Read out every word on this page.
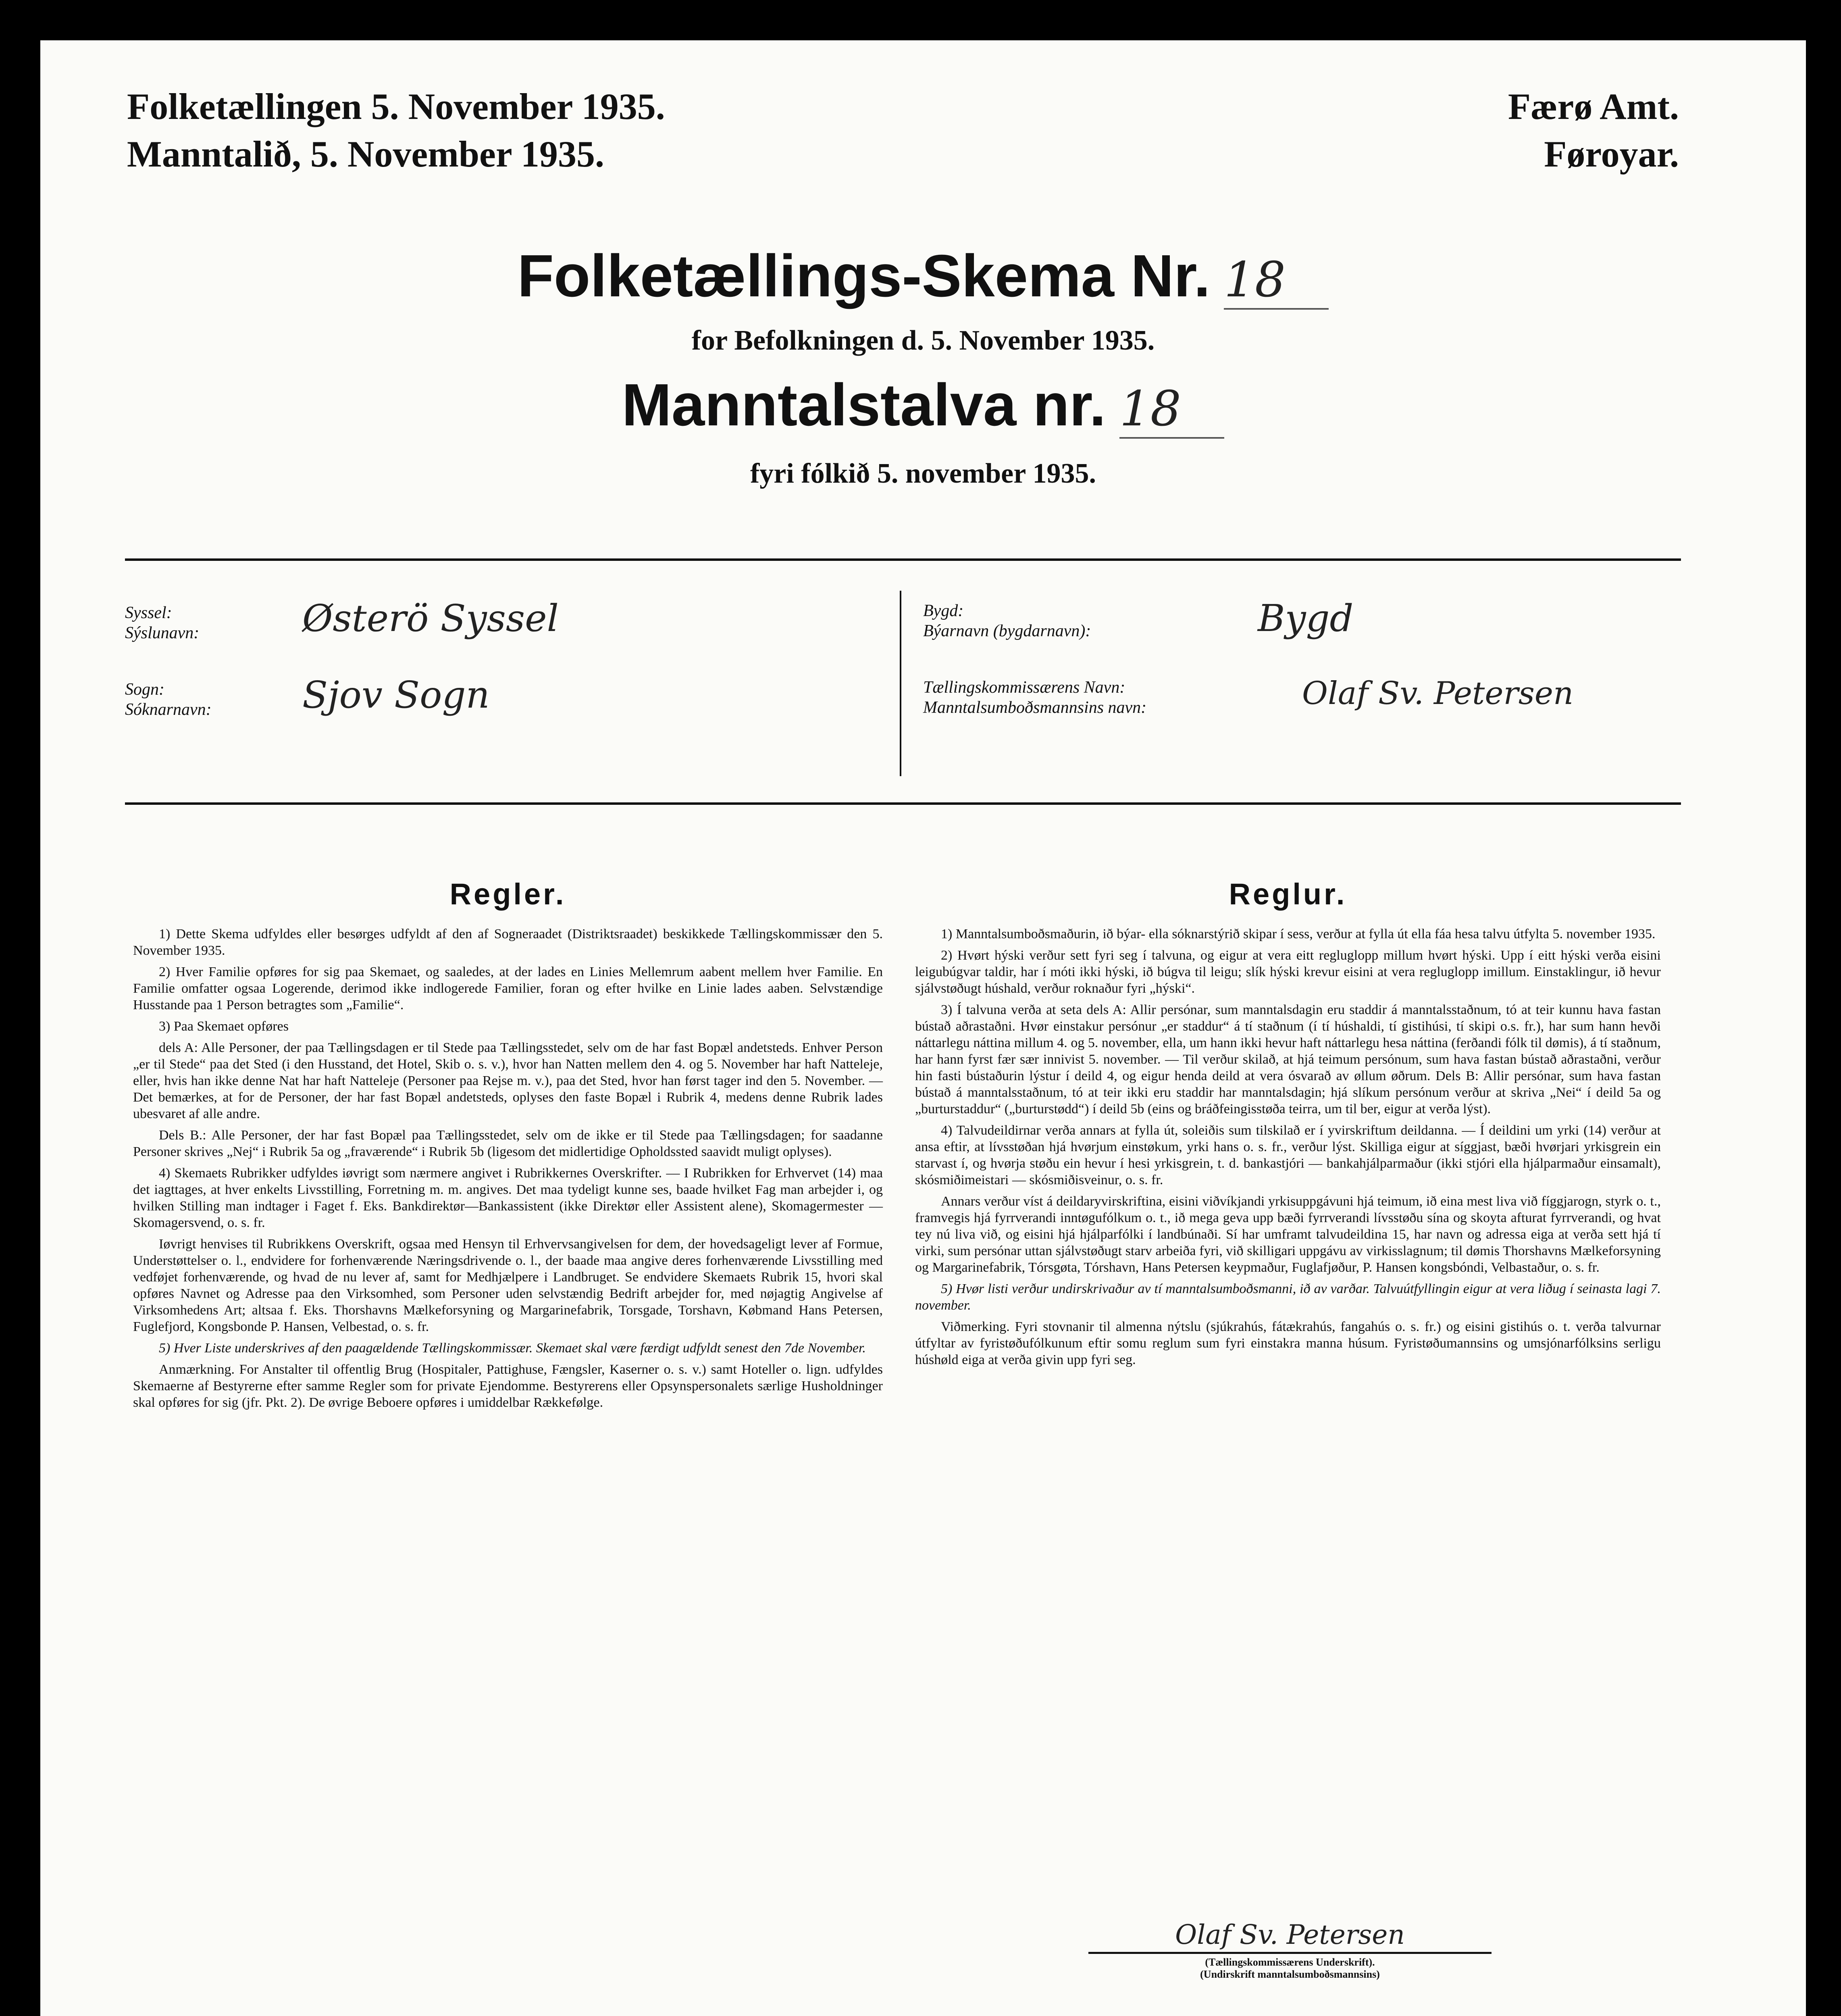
Folketællingen 5. November 1935.
Manntalið, 5. November 1935.
Færø Amt.
Føroyar.
Folketællings-Skema Nr. 18
for Befolkningen d. 5. November 1935.
Manntalstalva nr. 18
fyri fólkið 5. november 1935.
Syssel:
Sýslunavn:	Østerö Syssel
Sogn:
Sóknarnavn: Sjov Sogn
Bygd:
Býarnavn (bygdarnavn):	Bygd
Tællingskommissærens Navn:
Manntalsumboðsmannsins navn:	Olaf Sv. Petersen
Regler.

1) Dette Skema udfyldes eller besørges udfyldt af den af Sogneraadet (Distriktsraadet) beskikkede Tællingskommissær den 5. November 1935.

2) Hver Familie opføres for sig paa Skemaet, og saaledes, at der lades en Linies Mellemrum aabent mellem hver Familie. En Familie omfatter ogsaa Logerende, derimod ikke indlogerede Familier, foran og efter hvilke en Linie lades aaben. Selvstændige Husstande paa 1 Person betragtes som „Familie“.

3) Paa Skemaet opføres

dels A: Alle Personer, der paa Tællingsdagen er til Stede paa Tællingsstedet, selv om de har fast Bopæl andetsteds. Enhver Person „er til Stede“ paa det Sted (i den Husstand, det Hotel, Skib o. s. v.), hvor han Natten mellem den 4. og 5. November har haft Natteleje, eller, hvis han ikke denne Nat har haft Natteleje (Personer paa Rejse m. v.), paa det Sted, hvor han først tager ind den 5. November. — Det bemærkes, at for de Personer, der har fast Bopæl andetsteds, oplyses den faste Bopæl i Rubrik 4, medens denne Rubrik lades ubesvaret af alle andre.

Dels B.: Alle Personer, der har fast Bopæl paa Tællingsstedet, selv om de ikke er til Stede paa Tællingsdagen; for saadanne Personer skrives „Nej“ i Rubrik 5a og „fraværende“ i Rubrik 5b (ligesom det midlertidige Opholdssted saavidt muligt oplyses).

4) Skemaets Rubrikker udfyldes iøvrigt som nærmere angivet i Rubrikkernes Overskrifter. — I Rubrikken for Erhvervet (14) maa det iagttages, at hver enkelts Livsstilling, Forretning m. m. angives. Det maa tydeligt kunne ses, baade hvilket Fag man arbejder i, og hvilken Stilling man indtager i Faget f. Eks. Bankdirektør—Bankassistent (ikke Direktør eller Assistent alene), Skomagermester — Skomagersvend, o. s. fr.

Iøvrigt henvises til Rubrikkens Overskrift, ogsaa med Hensyn til Erhvervsangivelsen for dem, der hovedsageligt lever af Formue, Understøttelser o. l., endvidere for forhenværende Næringsdrivende o. l., der baade maa angive deres forhenværende Livsstilling med vedføjet forhenværende, og hvad de nu lever af, samt for Medhjælpere i Landbruget. Se endvidere Skemaets Rubrik 15, hvori skal opføres Navnet og Adresse paa den Virksomhed, som Personer uden selvstændig Bedrift arbejder for, med nøjagtig Angivelse af Virksomhedens Art; altsaa f. Eks. Thorshavns Mælkeforsyning og Margarinefabrik, Torsgade, Torshavn, Købmand Hans Petersen, Fuglefjord, Kongsbonde P. Hansen, Velbestad, o. s. fr.

5) Hver Liste underskrives af den paagældende Tællingskommissær. Skemaet skal være færdigt udfyldt senest den 7de November.

Anmærkning. For Anstalter til offentlig Brug (Hospitaler, Pattighuse, Fængsler, Kaserner o. s. v.) samt Hoteller o. lign. udfyldes Skemaerne af Bestyrerne efter samme Regler som for private Ejendomme. Bestyrerens eller Opsynspersonalets særlige Husholdninger skal opføres for sig (jfr. Pkt. 2). De øvrige Beboere opføres i umiddelbar Rækkefølge.

Reglur.

1) Manntalsumboðsmaðurin, ið býar- ella sóknarstýrið skipar í sess, verður at fylla út ella fáa hesa talvu útfylta 5. november 1935.

2) Hvørt hýski verður sett fyri seg í talvuna, og eigur at vera eitt regluglopp millum hvørt hýski. Upp í eitt hýski verða eisini leigubúgvar taldir, har í móti ikki hýski, ið búgva til leigu; slík hýski krevur eisini at vera regluglopp imillum. Einstaklingur, ið hevur sjálvstøðugt húshald, verður roknaður fyri „hýski“.

3) Í talvuna verða at seta dels A: Allir persónar, sum manntalsdagin eru staddir á manntalsstaðnum, tó at teir kunnu hava fastan bústað aðrastaðni. Hvør einstakur persónur „er staddur“ á tí staðnum (í tí húshaldi, tí gistihúsi, tí skipi o.s. fr.), har sum hann hevði náttarlegu náttina millum 4. og 5. november, ella, um hann ikki hevur haft náttarlegu hesa náttina (ferðandi fólk til dømis), á tí staðnum, har hann fyrst fær sær innivist 5. november. — Til verður skilað, at hjá teimum persónum, sum hava fastan bústað aðrastaðni, verður hin fasti bústaðurin lýstur í deild 4, og eigur henda deild at vera ósvarað av øllum øðrum. Dels B: Allir persónar, sum hava fastan bústað á manntalsstaðnum, tó at teir ikki eru staddir har manntalsdagin; hjá slíkum persónum verður at skriva „Nei“ í deild 5a og „burturstaddur“ („burturstødd“) í deild 5b (eins og bráðfeingisstøða teirra, um til ber, eigur at verða lýst).

4) Talvudeildirnar verða annars at fylla út, soleiðis sum tilskilað er í yvirskriftum deildanna. — Í deildini um yrki (14) verður at ansa eftir, at lívsstøðan hjá hvørjum einstøkum, yrki hans o. s. fr., verður lýst. Skilliga eigur at síggjast, bæði hvørjari yrkisgrein ein starvast í, og hvørja støðu ein hevur í hesi yrkisgrein, t. d. bankastjóri — bankahjálparmaður (ikki stjóri ella hjálparmaður einsamalt), skósmiðimeistari — skósmiðisveinur, o. s. fr.

Annars verður víst á deildaryvirskriftina, eisini viðvíkjandi yrkisuppgávuni hjá teimum, ið eina mest liva við fíggjarogn, styrk o. t., framvegis hjá fyrrverandi inntøgufólkum o. t., ið mega geva upp bæði fyrrverandi lívsstøðu sína og skoyta afturat fyrrverandi, og hvat tey nú liva við, og eisini hjá hjálparfólki í landbúnaði. Sí har umframt talvudeildina 15, har navn og adressa eiga at verða sett hjá tí virki, sum persónar uttan sjálvstøðugt starv arbeiða fyri, við skilligari uppgávu av virkisslagnum; til dømis Thorshavns Mælkeforsyning og Margarinefabrik, Tórsgøta, Tórshavn, Hans Petersen keypmaður, Fuglafjøður, P. Hansen kongsbóndi, Velbastaður, o. s. fr.

5) Hvør listi verður undirskrivaður av tí manntalsumboðsmanni, ið av varðar. Talvuútfyllingin eigur at vera liðug í seinasta lagi 7. november.

Viðmerking. Fyri stovnanir til almenna nýtslu (sjúkrahús, fátækrahús, fangahús o. s. fr.) og eisini gistihús o. t. verða talvurnar útfyltar av fyristøðufólkunum eftir somu reglum sum fyri einstakra manna húsum. Fyristøðumannsins og umsjónarfólksins serligu húshøld eiga at verða givin upp fyri seg.

Olaf Sv. Petersen
(Tællingskommissærens Underskrift).
(Undirskrift manntalsumboðsmannsins)
